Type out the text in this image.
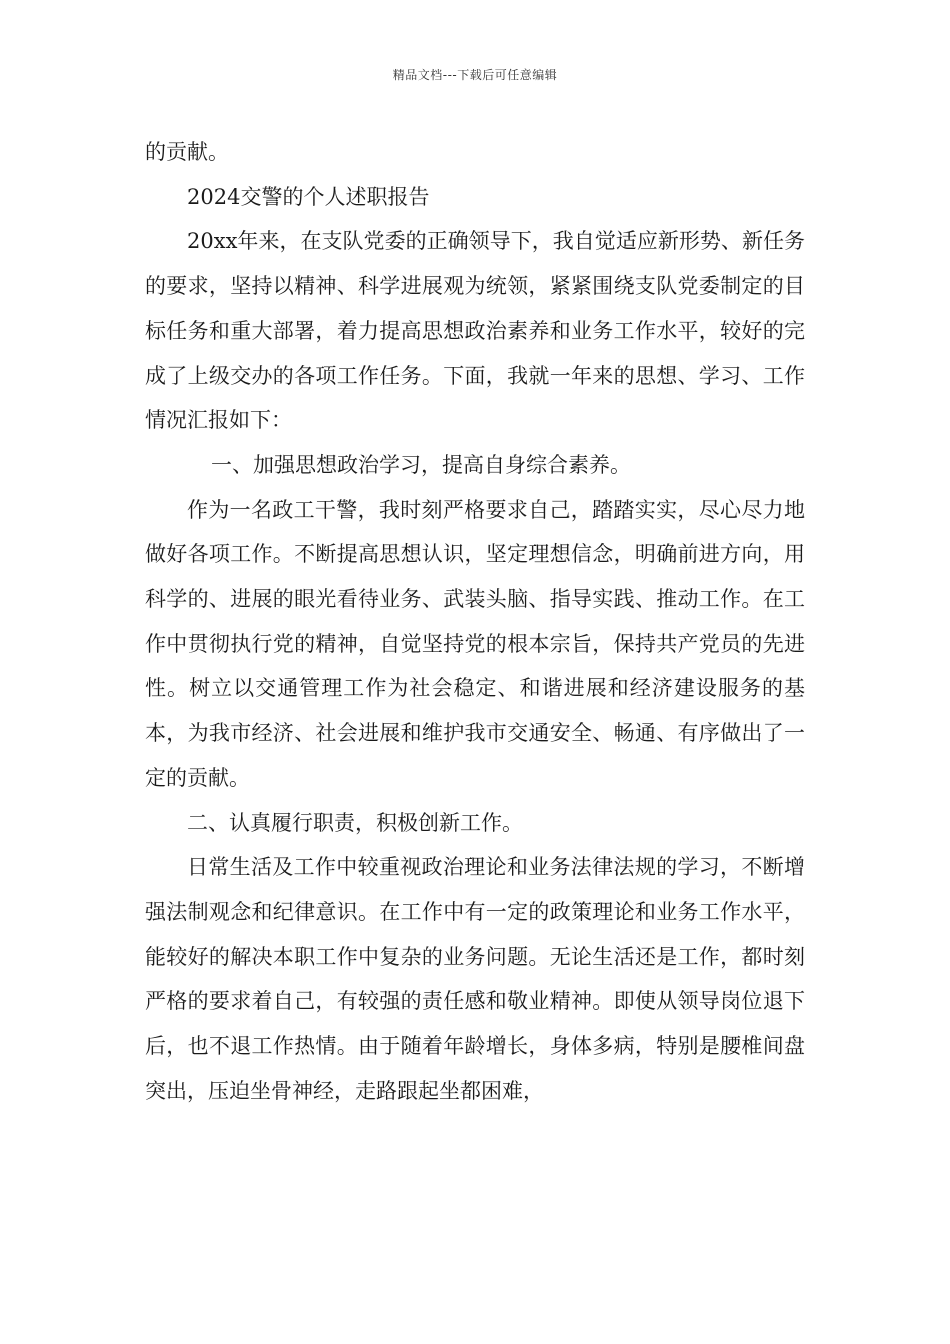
精品文档---下载后可任意编辑

的贡献。

2024交警的个人述职报告

20xx年来，在支队党委的正确领导下，我自觉适应新形势、新任务的要求，坚持以精神、科学进展观为统领，紧紧围绕支队党委制定的目标任务和重大部署，着力提高思想政治素养和业务工作水平，较好的完成了上级交办的各项工作任务。下面，我就一年来的思想、学习、工作情况汇报如下：

一、加强思想政治学习，提高自身综合素养。

作为一名政工干警，我时刻严格要求自己，踏踏实实，尽心尽力地做好各项工作。不断提高思想认识，坚定理想信念，明确前进方向，用科学的、进展的眼光看待业务、武装头脑、指导实践、推动工作。在工作中贯彻执行党的精神，自觉坚持党的根本宗旨，保持共产党员的先进性。树立以交通管理工作为社会稳定、和谐进展和经济建设服务的基本，为我市经济、社会进展和维护我市交通安全、畅通、有序做出了一定的贡献。

二、认真履行职责，积极创新工作。

日常生活及工作中较重视政治理论和业务法律法规的学习，不断增强法制观念和纪律意识。在工作中有一定的政策理论和业务工作水平，能较好的解决本职工作中复杂的业务问题。无论生活还是工作，都时刻严格的要求着自己，有较强的责任感和敬业精神。即使从领导岗位退下后，也不退工作热情。由于随着年龄增长，身体多病，特别是腰椎间盘突出，压迫坐骨神经，走路跟起坐都困难，
